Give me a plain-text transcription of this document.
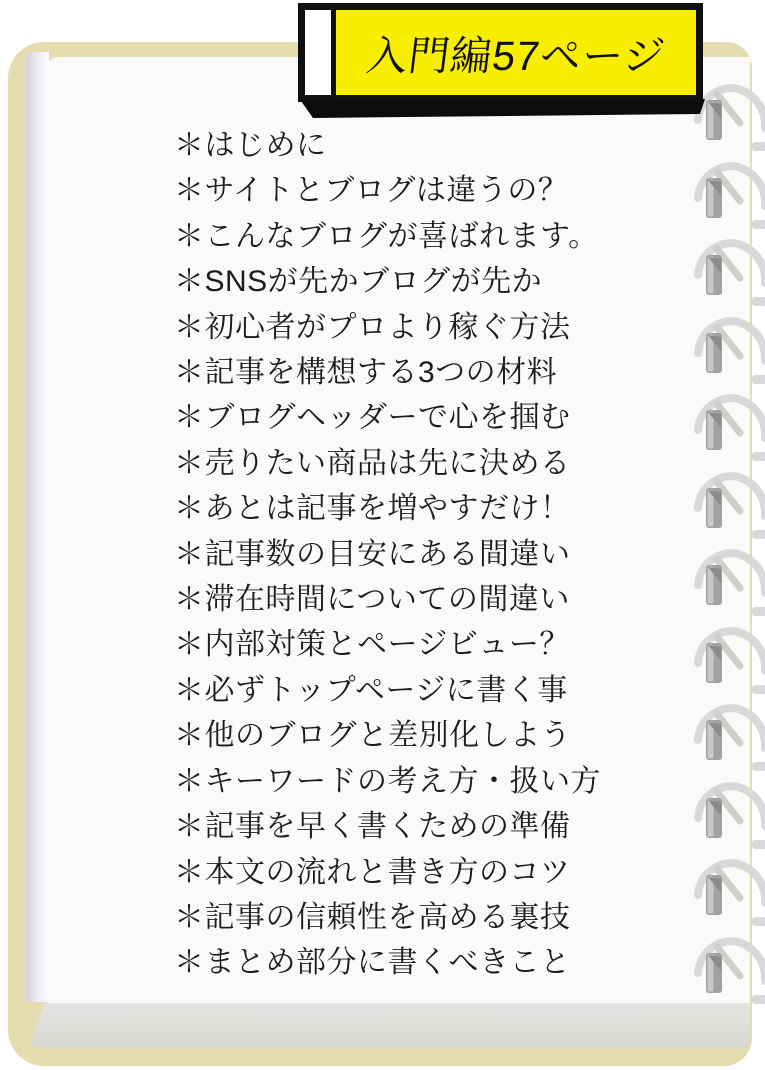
＊はじめに
＊サイトとブログは違うの？
＊こんなブログが喜ばれます。
＊SNSが先かブログが先か
＊初心者がプロより稼ぐ方法
＊記事を構想する3つの材料
＊ブログヘッダーで心を掴む
＊売りたい商品は先に決める
＊あとは記事を増やすだけ！
＊記事数の目安にある間違い
＊滞在時間についての間違い
＊内部対策とページビュー？
＊必ずトップページに書く事
＊他のブログと差別化しよう
＊キーワードの考え方・扱い方
＊記事を早く書くための準備
＊本文の流れと書き方のコツ
＊記事の信頼性を高める裏技
＊まとめ部分に書くべきこと
入門編57ページ
